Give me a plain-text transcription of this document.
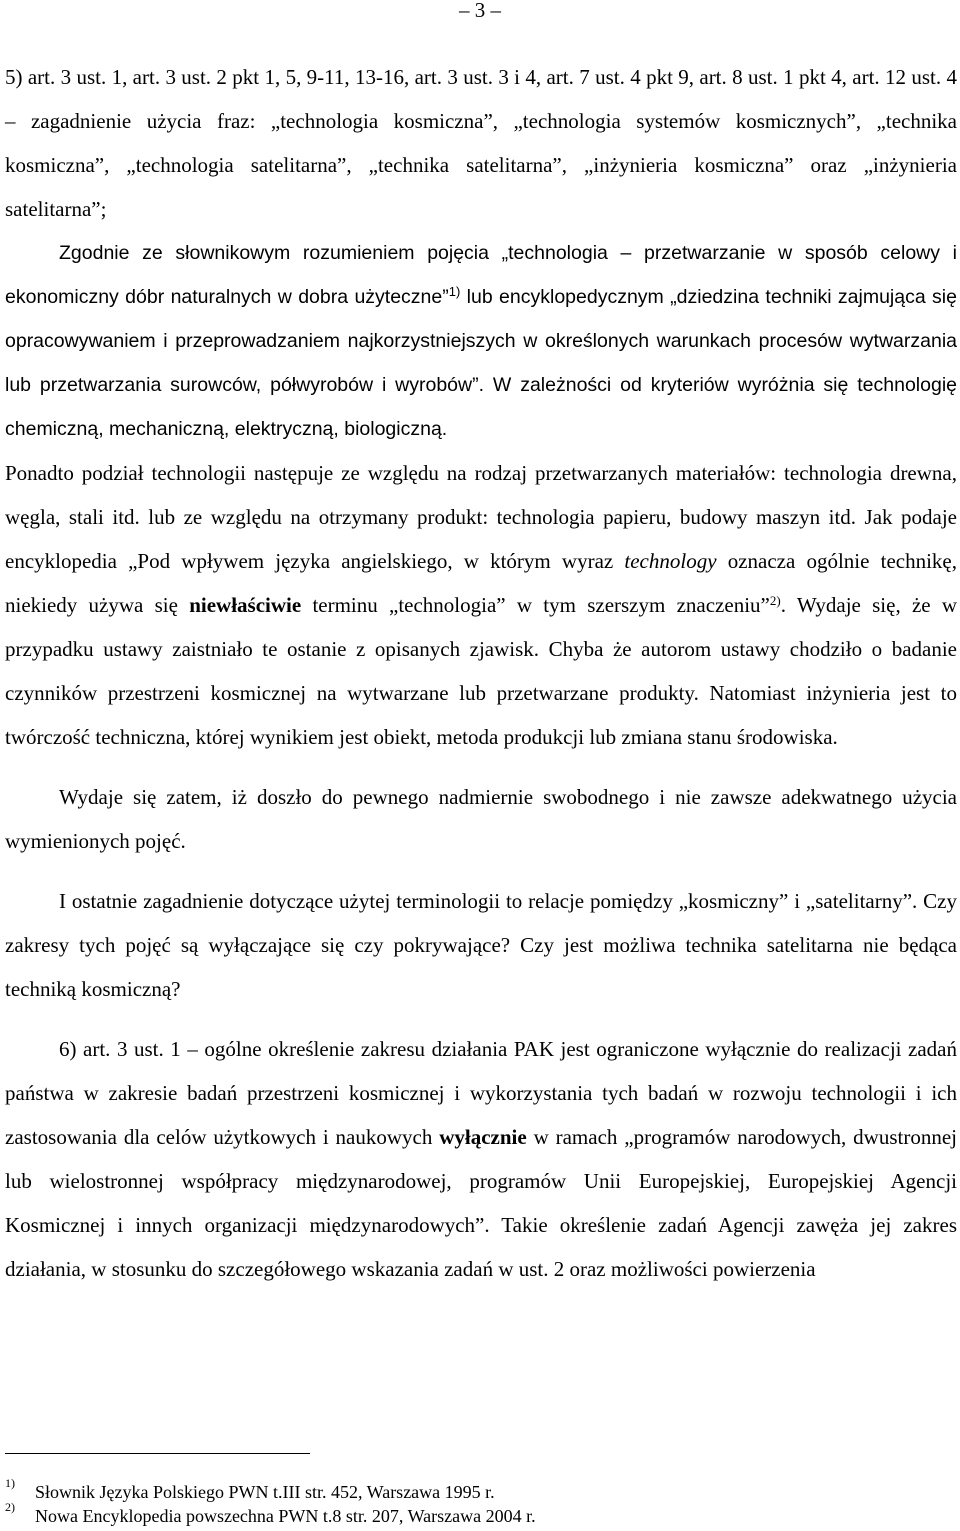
– 3 –

5) art. 3 ust. 1, art. 3 ust. 2 pkt 1, 5, 9-11, 13-16, art. 3 ust. 3 i 4, art. 7 ust. 4 pkt 9, art. 8 ust. 1 pkt 4, art. 12 ust. 4 – zagadnienie użycia fraz: „technologia kosmiczna”, „technologia systemów kosmicznych”, „technika kosmiczna”, „technologia satelitarna”, „technika satelitarna”, „inżynieria kosmiczna” oraz „inżynieria satelitarna”;

Zgodnie ze słownikowym rozumieniem pojęcia „technologia – przetwarzanie w sposób celowy i ekonomiczny dóbr naturalnych w dobra użyteczne”$^{1)}$ lub encyklopedycznym „dziedzina techniki zajmująca się opracowywaniem i przeprowadzaniem najkorzystniejszych w określonych warunkach procesów wytwarzania lub przetwarzania surowców, półwyrobów i wyrobów”. W zależności od kryteriów wyróżnia się technologię chemiczną, mechaniczną, elektryczną, biologiczną.

Ponadto podział technologii następuje ze względu na rodzaj przetwarzanych materiałów: technologia drewna, węgla, stali itd. lub ze względu na otrzymany produkt: technologia papieru, budowy maszyn itd. Jak podaje encyklopedia „Pod wpływem języka angielskiego, w którym wyraz technology oznacza ogólnie technikę, niekiedy używa się niewłaściwie terminu „technologia” w tym szerszym znaczeniu”$^{2)}$. Wydaje się, że w przypadku ustawy zaistniało te ostanie z opisanych zjawisk. Chyba że autorom ustawy chodziło o badanie czynników przestrzeni kosmicznej na wytwarzane lub przetwarzane produkty. Natomiast inżynieria jest to twórczość techniczna, której wynikiem jest obiekt, metoda produkcji lub zmiana stanu środowiska.

Wydaje się zatem, iż doszło do pewnego nadmiernie swobodnego i nie zawsze adekwatnego użycia wymienionych pojęć.

I ostatnie zagadnienie dotyczące użytej terminologii to relacje pomiędzy „kosmiczny” i „satelitarny”. Czy zakresy tych pojęć są wyłączające się czy pokrywające? Czy jest możliwa technika satelitarna nie będąca techniką kosmiczną?

6) art. 3 ust. 1 – ogólne określenie zakresu działania PAK jest ograniczone wyłącznie do realizacji zadań państwa w zakresie badań przestrzeni kosmicznej i wykorzystania tych badań w rozwoju technologii i ich zastosowania dla celów użytkowych i naukowych wyłącznie w ramach „programów narodowych, dwustronnej lub wielostronnej współpracy międzynarodowej, programów Unii Europejskiej, Europejskiej Agencji Kosmicznej i innych organizacji międzynarodowych”. Takie określenie zadań Agencji zawęża jej zakres działania, w stosunku do szczegółowego wskazania zadań w ust. 2 oraz możliwości powierzenia

1) Słownik Języka Polskiego PWN t.III str. 452, Warszawa 1995 r.

2) Nowa Encyklopedia powszechna PWN t.8 str. 207, Warszawa 2004 r.
